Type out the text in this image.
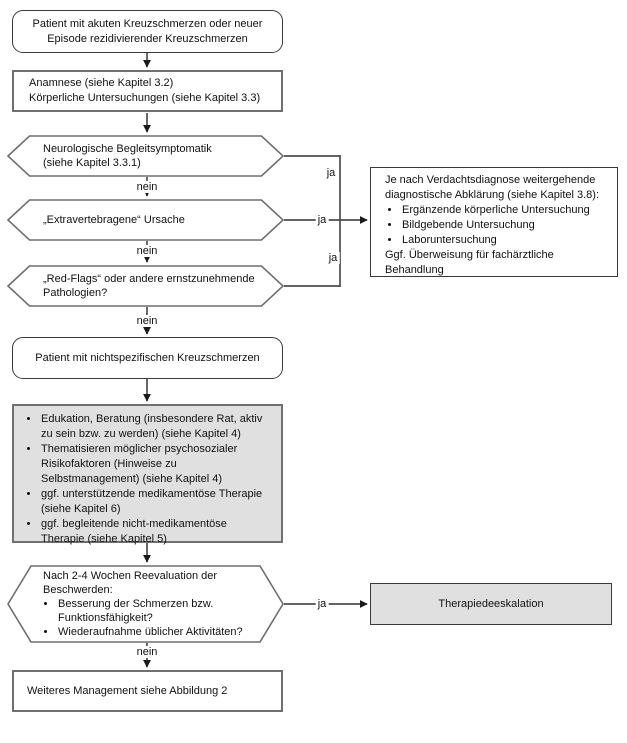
Patient mit akuten Kreuzschmerzen oder neuer
Episode rezidivierender Kreuzschmerzen
Anamnese (siehe Kapitel 3.2)
Körperliche Untersuchungen (siehe Kapitel 3.3)
Neurologische Begleitsymptomatik
(siehe Kapitel 3.3.1)
„Extravertebragene“ Ursache
„Red-Flags“ oder andere ernstzunehmende
Pathologien?
Je nach Verdachtsdiagnose weitergehende diagnostische Abklärung (siehe Kapitel 3.8):
• Ergänzende körperliche Untersuchung
• Bildgebende Untersuchung
• Laboruntersuchung
Ggf. Überweisung für fachärztliche Behandlung
Patient mit nichtspezifischen Kreuzschmerzen
• Edukation, Beratung (insbesondere Rat, aktiv zu sein bzw. zu werden) (siehe Kapitel 4)
• Thematisieren möglicher psychosozialer Risikofaktoren (Hinweise zu Selbstmanagement) (siehe Kapitel 4)
• ggf. unterstützende medikamentöse Therapie (siehe Kapitel 6)
• ggf. begleitende nicht-medikamentöse Therapie (siehe Kapitel 5)
Nach 2-4 Wochen Reevaluation der Beschwerden:
• Besserung der Schmerzen bzw. Funktionsfähigkeit?
• Wiederaufnahme üblicher Aktivitäten?
Therapiedeeskalation
Weiteres Management siehe Abbildung 2
ja
ja
ja
ja
nein
nein
nein
nein
